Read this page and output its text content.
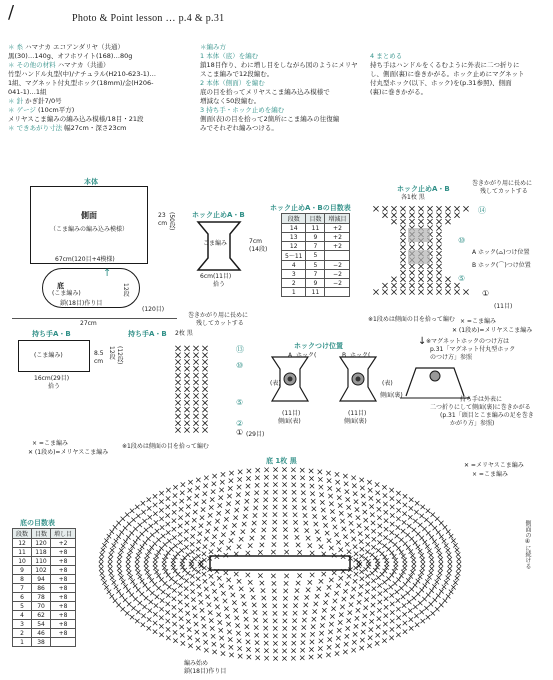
/	Photo & Point lesson … p.4 & p.31
＊ 糸 ハマナカ エコアンダリヤ（共通）
黒(30)…140g、オフホワイト(168)…80g
＊ その他の材料 ハマナカ（共通）
竹型ハンドル丸型(中)/ナチュラル(H210-623-1)…
1組、マグネット付丸型ホック(18mm)/金(H206-
041-1)…1組
＊ 針 かぎ針7/0号
＊ ゲージ (10cm平方)
メリヤスこま編みの編み込み模様/18目・21段
＊ できあがり寸法 幅27cm・深さ23cm
＊編み方
1 本体（底）を編む
鎖18目作り、わに増し目をしながら図のようにメリヤ
スこま編みで12段編む。
2 本体（側面）を編む
底の目を拾ってメリヤスこま編み込み模様で
増減なく50段編む。
3 持ち手・ホック止めを編む
側面(表)の目を拾って2箇所にこま編みの往復編
みでそれぞれ編みつける。
4 まとめる
持ち手はハンドルをくるむように外表に二つ折りに
し、側面(裏)に巻きかがる。ホック止めにマグネット
付丸型ホック(以下、ホック)を(p.31参照)、側面
(裏)に巻きかがる。
本体
側面
（こま編みの編み込み模様）
23
cm (50段)
67cm(120目+4模様)
底
(こま編み)
鎖(18目)作り目
↑
12段
(120目)
27cm
ホック止めA・B
こま編み
6cm(11目)
拾う
7cm
(14段)
ホック止めA・Bの目数表
段数	目数	増減目
14	11	+2
13	9	+2
12	7	+2
5～11	5	
4	5	−2
3	7	−2
2	9	−2
1	11	
ホック止めA・B
各1枚 黒
巻きかがり用に長めに
残してカットする
⑭
⑩
⑤
①
A ホック(⌓)つけ位置
B ホック(⌒)つけ位置
(11目)
※1段めは側面の目を拾って編む × =こま編み
✕ (1段め)=メリヤスこま編み
持ち手A・B
(こま編み)
16cm(29目)
拾う
8.5
cm
12段 (12段)
持ち手A・B 2枚 黒
巻きかがり用に長めに
残してカットする
⑬
⑩
⑤
②
① (29目)
※1段めは側面の目を拾って編む
× =こま編み
✕ (1段め)=メリヤスこま編み
ホックつけ位置
A ホック(	B ホック(
(表)	(表)
(11目)	(11目)
側面(表)	側面(裏)
↓ ※マグネットホックのつけ方は
p.31「マグネット付丸型ホック
のつけ方」参照
側面(裏)
持ち手は外表に
二つ折りにして側面(裏)に巻きかがる
(p.31「頭目とこま編みの足を巻き
かがり方」参照)
底 1枚 黒
✕ =メリヤスこま編み
× =こま編み
側面の④に続ける
編み始め
鎖(18目)作り目
底の目数表
段数	目数	増し目
12	120	+2
11	118	+8
10	110	+8
9	102	+8
8	94	+8
7	86	+8
6	78	+8
5	70	+8
4	62	+8
3	54	+8
2	46	+8
1	38	
